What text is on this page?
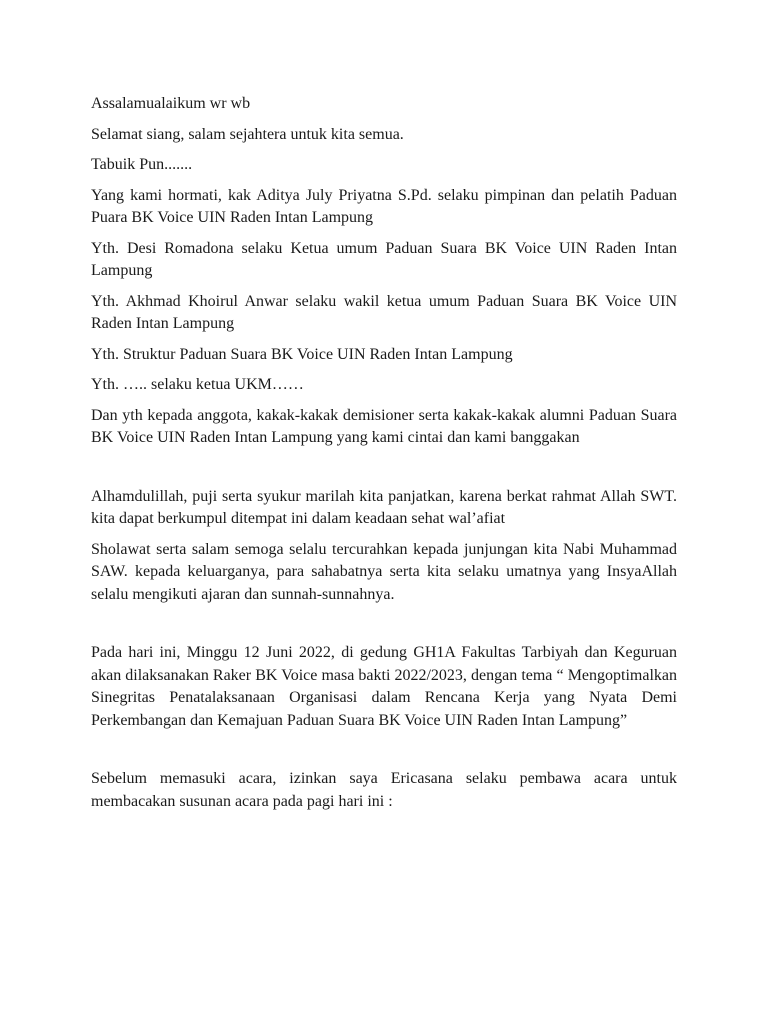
Assalamualaikum wr wb

Selamat siang, salam sejahtera untuk kita semua.

Tabuik Pun.......

Yang kami hormati, kak Aditya July Priyatna S.Pd. selaku pimpinan dan pelatih Paduan Puara BK Voice UIN Raden Intan Lampung

Yth. Desi Romadona selaku Ketua umum Paduan Suara BK Voice UIN Raden Intan Lampung

Yth. Akhmad Khoirul Anwar selaku wakil ketua umum Paduan Suara BK Voice UIN Raden Intan Lampung

Yth. Struktur Paduan Suara BK Voice UIN Raden Intan Lampung

Yth. ….. selaku ketua UKM……

Dan yth kepada anggota, kakak-kakak demisioner serta kakak-kakak alumni Paduan Suara BK Voice UIN Raden Intan Lampung yang kami cintai dan kami banggakan

Alhamdulillah, puji serta syukur marilah kita panjatkan, karena berkat rahmat Allah SWT. kita dapat berkumpul ditempat ini dalam keadaan sehat wal’afiat

Sholawat serta salam semoga selalu tercurahkan kepada junjungan kita Nabi Muhammad SAW. kepada keluarganya, para sahabatnya serta kita selaku umatnya yang InsyaAllah selalu mengikuti ajaran dan sunnah-sunnahnya.

Pada hari ini, Minggu 12 Juni 2022, di gedung GH1A Fakultas Tarbiyah dan Keguruan akan dilaksanakan Raker BK Voice masa bakti 2022/2023, dengan tema “ Mengoptimalkan Sinegritas Penatalaksanaan Organisasi dalam Rencana Kerja yang Nyata Demi Perkembangan dan Kemajuan Paduan Suara BK Voice UIN Raden Intan Lampung”

Sebelum memasuki acara, izinkan saya Ericasana selaku pembawa acara untuk membacakan susunan acara pada pagi hari ini :
